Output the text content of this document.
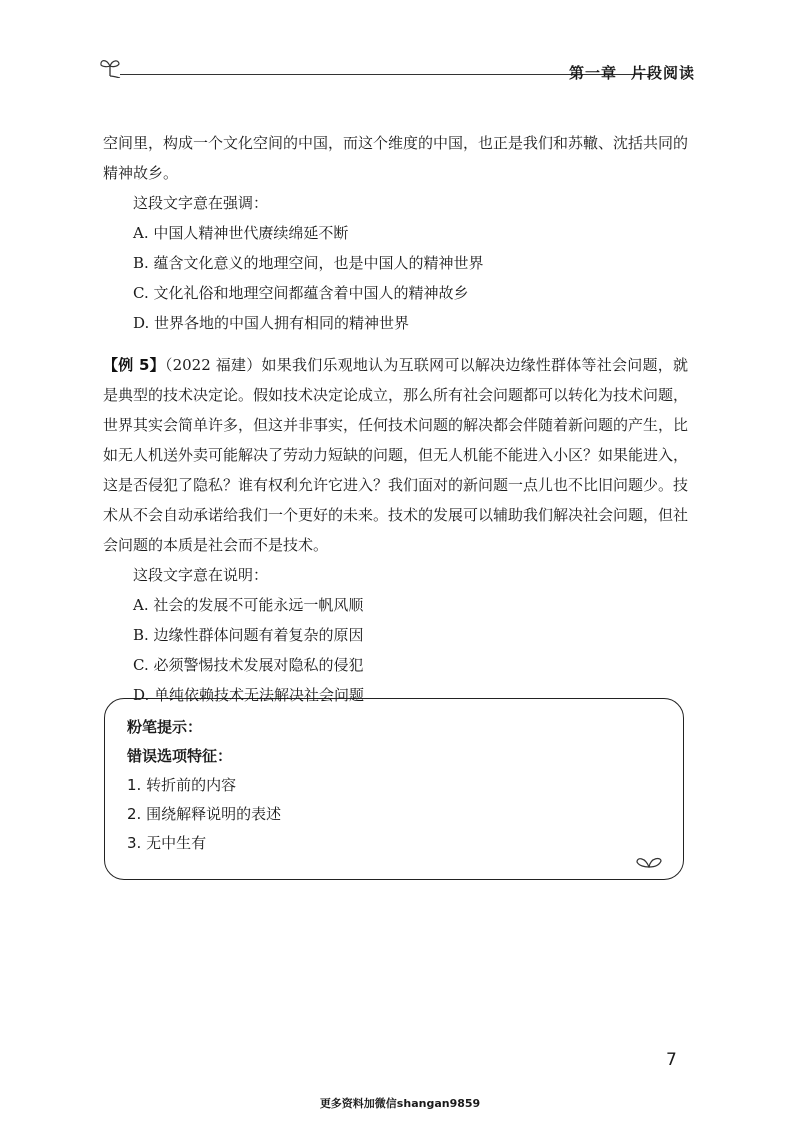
第一章 片段阅读

空间里，构成一个文化空间的中国，而这个维度的中国，也正是我们和苏轍、沈括共同的精神故乡。

这段文字意在强调：

A. 中国人精神世代赓续绵延不断

B. 蕴含文化意义的地理空间，也是中国人的精神世界

C. 文化礼俗和地理空间都蕴含着中国人的精神故乡

D. 世界各地的中国人拥有相同的精神世界

【例 5】（2022 福建）如果我们乐观地认为互联网可以解决边缘性群体等社会问题，就是典型的技术决定论。假如技术决定论成立，那么所有社会问题都可以转化为技术问题，世界其实会简单许多，但这并非事实，任何技术问题的解决都会伴随着新问题的产生，比如无人机送外卖可能解决了劳动力短缺的问题，但无人机能不能进入小区？如果能进入，这是否侵犯了隐私？谁有权利允许它进入？我们面对的新问题一点儿也不比旧问题少。技术从不会自动承诺给我们一个更好的未来。技术的发展可以辅助我们解决社会问题，但社会问题的本质是社会而不是技术。

这段文字意在说明：

A. 社会的发展不可能永远一帆风顺

B. 边缘性群体问题有着复杂的原因

C. 必须警惕技术发展对隐私的侵犯

D. 单纯依赖技术无法解决社会问题

粉笔提示：
错误选项特征：
1. 转折前的内容
2. 围绕解释说明的表述
3. 无中生有
7
更多资料加微信shangan9859
